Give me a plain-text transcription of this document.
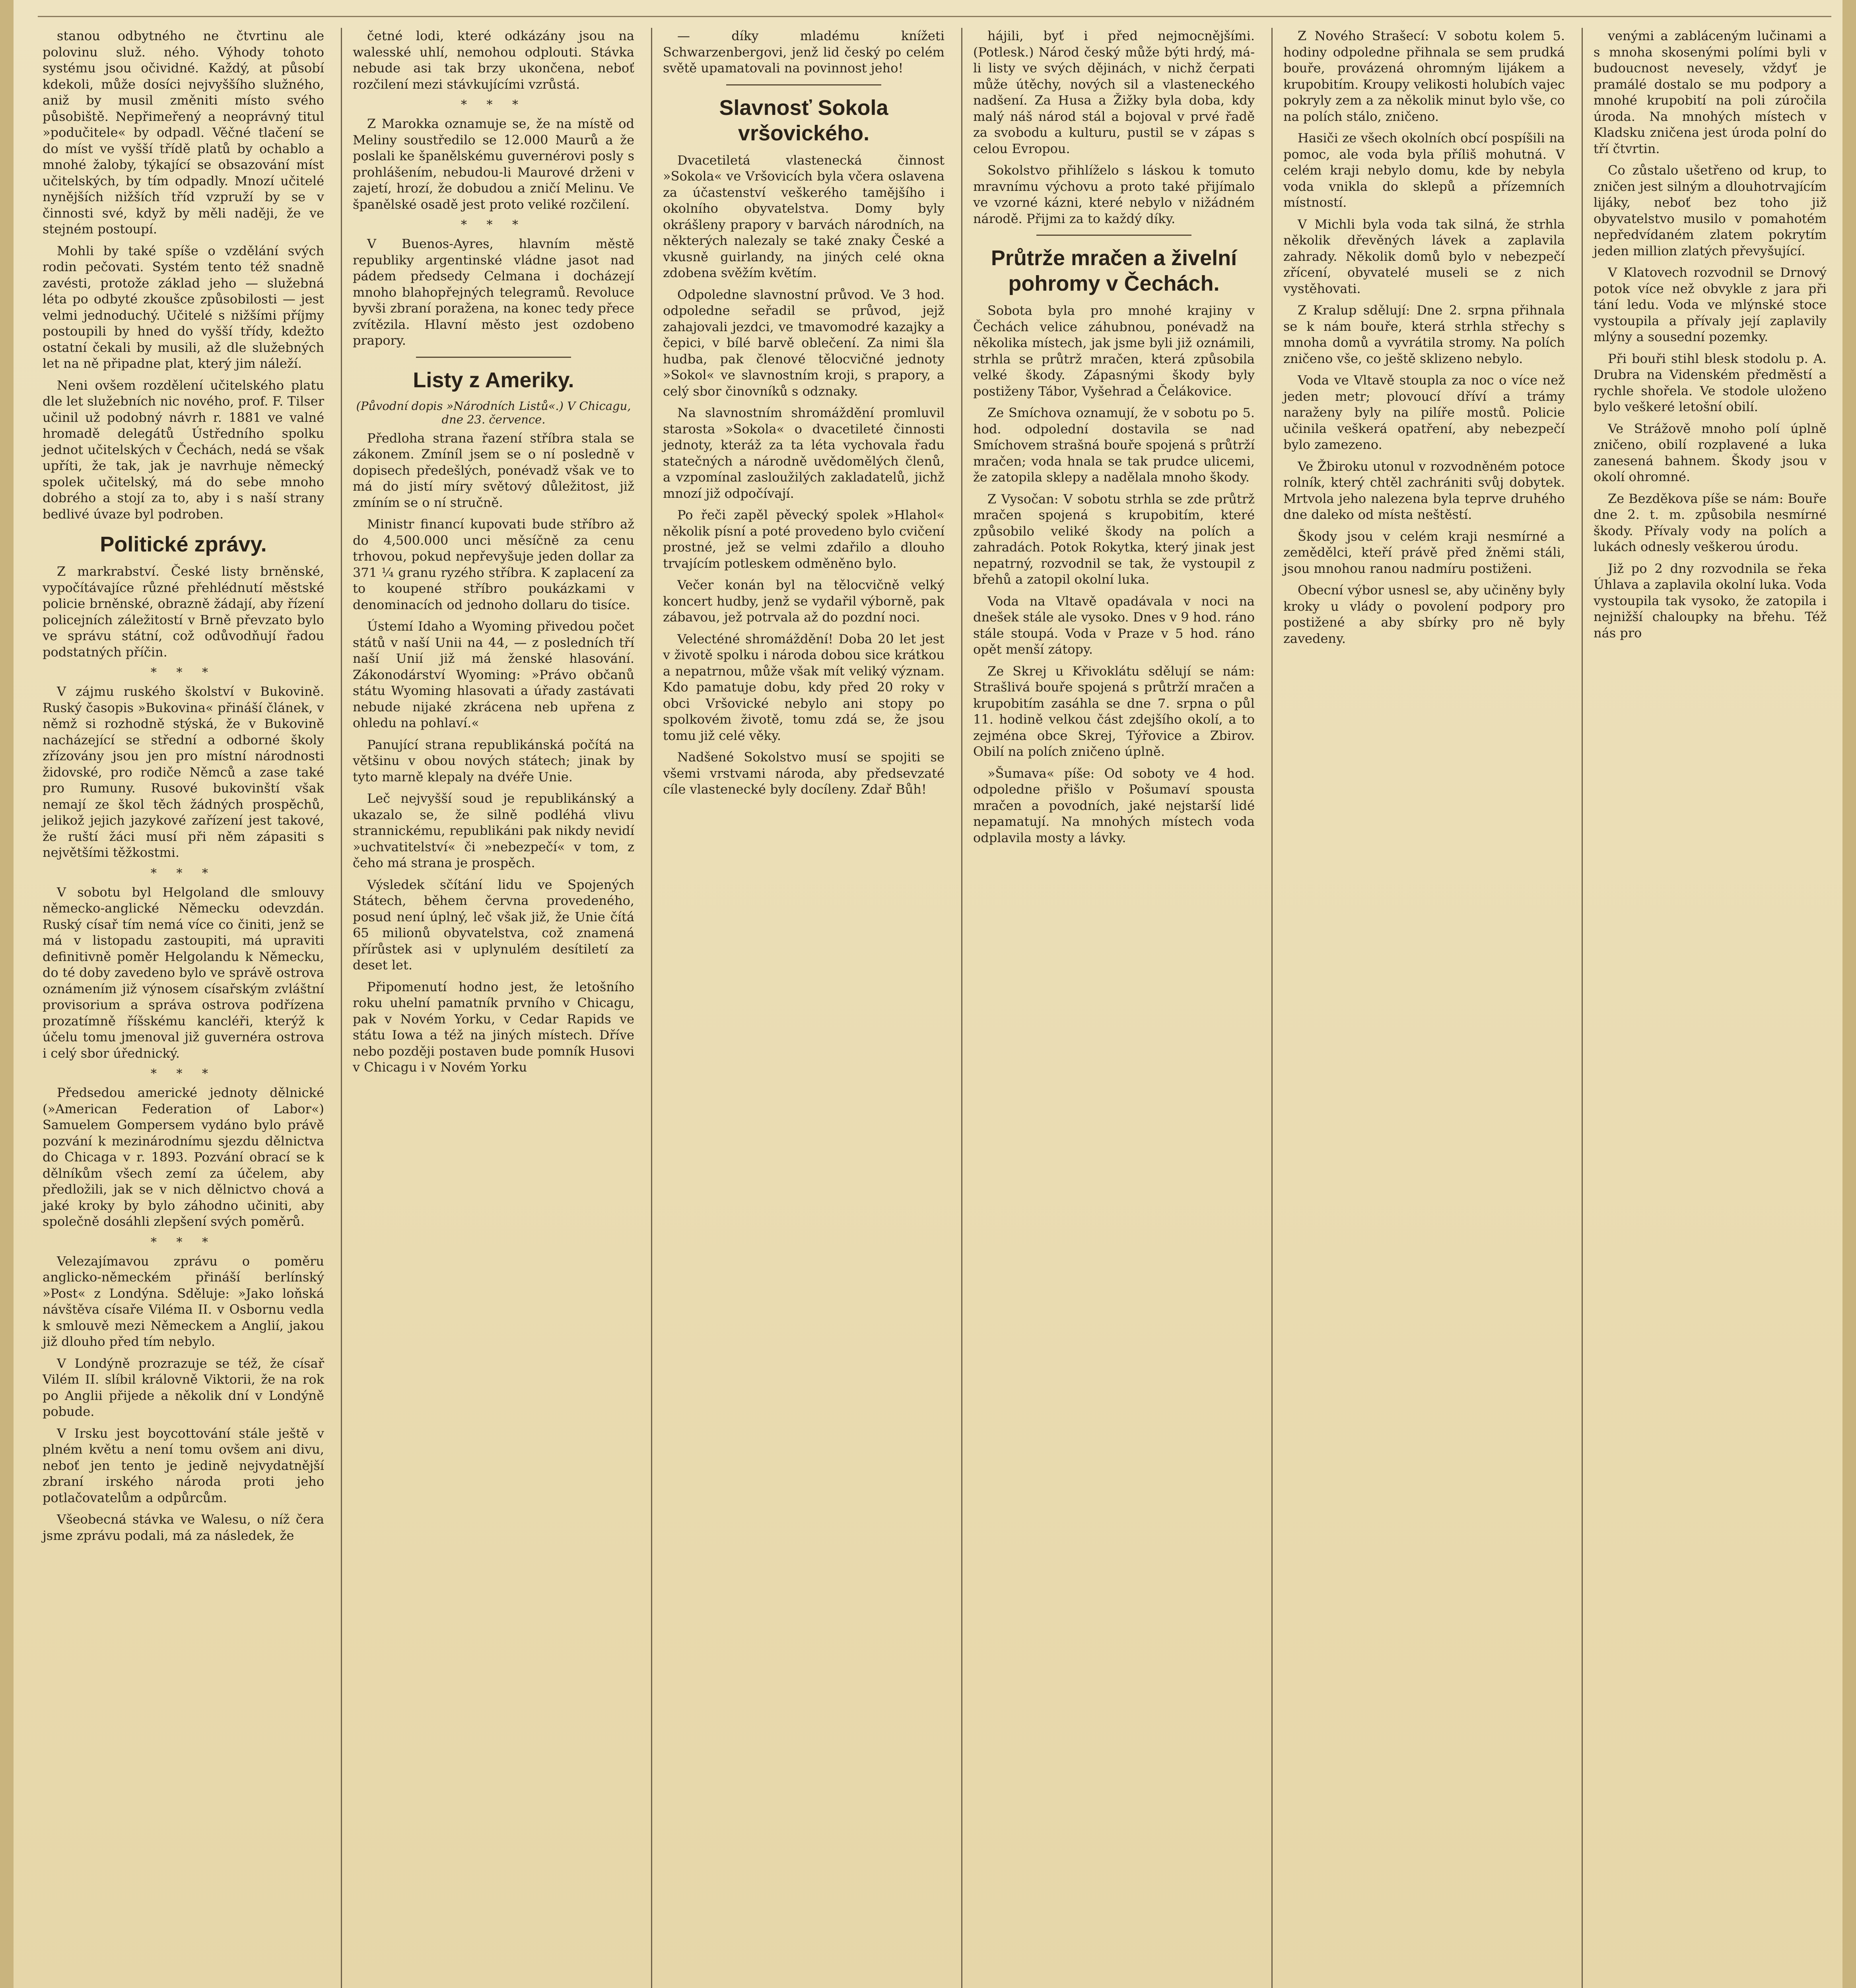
stanou odbytného ne čtvrtinu ale polovinu služ. ného. Výhody tohoto systému jsou očividné. Každý, at působí kdekoli, může dosíci nejvyššího služného, aniž by musil změniti místo svého působiště. Nepřimeřený a neoprávný titul »podučitele« by odpadl. Věčné tlačení se do míst ve vyšší třídě platů by ochablo a mnohé žaloby, týkající se obsazování míst učitelských, by tím odpadly. Mnozí učitelé nynějších nižších tříd vzpruží by se v činnosti své, když by měli naději, že ve stejném postoupí.

Mohli by také spíše o vzdělání svých rodin pečovati. Systém tento též snadně zavésti, protože základ jeho — služebná léta po odbyté zkoušce způsobilosti — jest velmi jednoduchý. Učitelé s nižšími příjmy postoupili by hned do vyšší třídy, kdežto ostatní čekali by musili, až dle služebných let na ně připadne plat, který jim náleží.

Neni ovšem rozdělení učitelského platu dle let služebních nic nového, prof. F. Tilser učinil už podobný návrh r. 1881 ve valné hromadě delegátů Ústředního spolku jednot učitelských v Čechách, nedá se však upříti, že tak, jak je navrhuje německý spolek učitelský, má do sebe mnoho dobrého a stojí za to, aby i s naší strany bedlivé úvaze byl podroben.

Politické zprávy.

Z markrabství. České listy brněnské, vypočítávajíce různé přehlédnutí městské policie brněnské, obrazně žádají, aby řízení policejních záležitostí v Brně převzato bylo ve správu státní, což odůvodňují řadou podstatných příčin.

* * *

V zájmu ruského školství v Bukovině. Ruský časopis »Bukovina« přináší článek, v němž si rozhodně stýská, že v Bukovině nacházející se střední a odborné školy zřízovány jsou jen pro místní národnosti židovské, pro rodiče Němců a zase také pro Rumuny. Rusové bukovinští však nemají ze škol těch žádných prospěchů, jelikož jejich jazykové zařízení jest takové, že ruští žáci musí při něm zápasiti s největšími těžkostmi.

* * *

V sobotu byl Helgoland dle smlouvy německo-anglické Německu odevzdán. Ruský císař tím nemá více co činiti, jenž se má v listopadu zastoupiti, má upraviti definitivně poměr Helgolandu k Německu, do té doby zavedeno bylo ve správě ostrova oznámením již výnosem císařským zvláštní provisorium a správa ostrova podřízena prozatímně říšskému kancléři, kterýž k účelu tomu jmenoval již guvernéra ostrova i celý sbor úřednický.

* * *

Předsedou americké jednoty dělnické (»American Federation of Labor«) Samuelem Gompersem vydáno bylo právě pozvání k mezinárodnímu sjezdu dělnictva do Chicaga v r. 1893. Pozvání obrací se k dělníkům všech zemí za účelem, aby předložili, jak se v nich dělnictvo chová a jaké kroky by bylo záhodno učiniti, aby společně dosáhli zlepšení svých poměrů.

* * *

Velezajímavou zprávu o poměru anglicko-německém přináší berlínský »Post« z Londýna. Sděluje: »Jako loňská návštěva císaře Viléma II. v Osbornu vedla k smlouvě mezi Německem a Anglií, jakou již dlouho před tím nebylo.

V Londýně prozrazuje se též, že císař Vilém II. slíbil královně Viktorii, že na rok po Anglii přijede a několik dní v Londýně pobude.

V Irsku jest boycottování stále ještě v plném květu a není tomu ovšem ani divu, neboť jen tento je jedině nejvydatnější zbraní irského národa proti jeho potlačovatelům a odpůrcům.

Všeobecná stávka ve Walesu, o níž čera jsme zprávu podali, má za následek, že

četné lodi, které odkázány jsou na walesské uhlí, nemohou odplouti. Stávka nebude asi tak brzy ukončena, neboť rozčilení mezi stávkujícími vzrůstá.

* * *

Z Marokka oznamuje se, že na místě od Meliny soustředilo se 12.000 Maurů a že poslali ke španělskému guvernérovi posly s prohlášením, nebudou-li Maurové drženi v zajetí, hrozí, že dobudou a zničí Melinu. Ve španělské osadě jest proto veliké rozčilení.

* * *

V Buenos-Ayres, hlavním městě republiky argentinské vládne jasot nad pádem předsedy Celmana i docházejí mnoho blahopřejných telegramů. Revoluce byvši zbraní poražena, na konec tedy přece zvítězila. Hlavní město jest ozdobeno prapory.

Listy z Ameriky.
(Původní dopis »Národních Listů«.) V Chicagu, dne 23. července.

Předloha strana řazení stříbra stala se zákonem. Zmíníl jsem se o ní posledně v dopisech předešlých, ponévadž však ve to má do jistí míry světový důležitost, již zmíním se o ní stručně.

Ministr financí kupovati bude stříbro až do 4,500.000 unci měsíčně za cenu trhovou, pokud nepřevyšuje jeden dollar za 371 ¼ granu ryzého stříbra. K zaplacení za to koupené stříbro poukázkami v denominacích od jednoho dollaru do tisíce.

Ústemí Idaho a Wyoming přivedou počet států v naší Unii na 44, — z posledních tří naší Unií již má ženské hlasování. Zákonodárství Wyoming: »Právo občanů státu Wyoming hlasovati a úřady zastávati nebude nijaké zkrácena neb upřena z ohledu na pohlaví.«

Panující strana republikánská počítá na většinu v obou nových státech; jinak by tyto marně klepaly na dvéře Unie.

Leč nejvyšší soud je republikánský a ukazalo se, že silně podléhá vlivu strannickému, republikáni pak nikdy nevidí »uchvatitelství« či »nebezpečí« v tom, z čeho má strana je prospěch.

Výsledek sčítání lidu ve Spojených Státech, během června provedeného, posud není úplný, leč však již, že Unie čítá 65 milionů obyvatelstva, což znamená přírůstek asi v uplynulém desítiletí za deset let.

Připomenutí hodno jest, že letošního roku uhelní pamatník prvního v Chicagu, pak v Novém Yorku, v Cedar Rapids ve státu Iowa a též na jiných místech. Dříve nebo později postaven bude pomník Husovi v Chicagu i v Novém Yorku

— díky mladému knížeti Schwarzenbergovi, jenž lid český po celém světě upamatovali na povinnost jeho!

Slavnosť Sokola vršovického.

Dvacetiletá vlastenecká činnost »Sokola« ve Vršovicích byla včera oslavena za účastenství veškerého tamějšího i okolního obyvatelstva. Domy byly okrášleny prapory v barvách národních, na některých nalezaly se také znaky České a vkusně guirlandy, na jiných celé okna zdobena svěžím květím.

Odpoledne slavnostní průvod. Ve 3 hod. odpoledne seřadil se průvod, jejž zahajovali jezdci, ve tmavomodré kazajky a čepici, v bílé barvě oblečení. Za nimi šla hudba, pak členové tělocvičné jednoty »Sokol« ve slavnostním kroji, s prapory, a celý sbor činovníků s odznaky.

Na slavnostním shromáždění promluvil starosta »Sokola« o dvacetileté činnosti jednoty, kteráž za ta léta vychovala řadu statečných a národně uvědomělých členů, a vzpomínal zasloužilých zakladatelů, jichž mnozí již odpočívají.

Po řeči zapěl pěvecký spolek »Hlahol« několik písní a poté provedeno bylo cvičení prostné, jež se velmi zdařilo a dlouho trvajícím potleskem odměněno bylo.

Večer konán byl na tělocvičně velký koncert hudby, jenž se vydařil výborně, pak zábavou, jež potrvala až do pozdní noci.

Velecténé shromáždění! Doba 20 let jest v životě spolku i národa dobou sice krátkou a nepatrnou, může však mít veliký význam. Kdo pamatuje dobu, kdy před 20 roky v obci Vršovické nebylo ani stopy po spolkovém životě, tomu zdá se, že jsou tomu již celé věky.

Nadšené Sokolstvo musí se spojiti se všemi vrstvami národa, aby předsevzaté cíle vlastenecké byly docíleny. Zdař Bůh!

hájili, byť i před nejmocnějšími. (Potlesk.) Národ český může býti hrdý, má-li listy ve svých dějinách, v nichž čerpati může útěchy, nových sil a vlasteneckého nadšení. Za Husa a Žižky byla doba, kdy malý náš národ stál a bojoval v prvé řadě za svobodu a kulturu, pustil se v zápas s celou Evropou.

Sokolstvo přihlíželo s láskou k tomuto mravnímu výchovu a proto také přijímalo ve vzorné kázni, které nebylo v nižádném národě. Přijmi za to každý díky.

Průtrže mračen a živelní pohromy v Čechách.

Sobota byla pro mnohé krajiny v Čechách velice záhubnou, ponévadž na několika místech, jak jsme byli již oznámili, strhla se průtrž mračen, která způsobila velké škody. Zápasnými škody byly postiženy Tábor, Vyšehrad a Čelákovice.

Ze Smíchova oznamují, že v sobotu po 5. hod. odpolední dostavila se nad Smíchovem strašná bouře spojená s průtrží mračen; voda hnala se tak prudce ulicemi, že zatopila sklepy a nadělala mnoho škody.

Z Vysočan: V sobotu strhla se zde průtrž mračen spojená s krupobitím, které způsobilo veliké škody na polích a zahradách. Potok Rokytka, který jinak jest nepatrný, rozvodnil se tak, že vystoupil z břehů a zatopil okolní luka.

Voda na Vltavě opadávala v noci na dnešek stále ale vysoko. Dnes v 9 hod. ráno stále stoupá. Voda v Praze v 5 hod. ráno opět menší zátopy.

Ze Skrej u Křivoklátu sdělují se nám: Strašlivá bouře spojená s průtrží mračen a krupobitím zasáhla se dne 7. srpna o půl 11. hodině velkou část zdejšího okolí, a to zejména obce Skrej, Týřovice a Zbirov. Obilí na polích zničeno úplně.

»Šumava« píše: Od soboty ve 4 hod. odpoledne přišlo v Pošumaví spousta mračen a povodních, jaké nejstarší lidé nepamatují. Na mnohých místech voda odplavila mosty a lávky.

Z Nového Strašecí: V sobotu kolem 5. hodiny odpoledne přihnala se sem prudká bouře, provázená ohromným lijákem a krupobitím. Kroupy velikosti holubích vajec pokryly zem a za několik minut bylo vše, co na polích stálo, zničeno.

Hasiči ze všech okolních obcí pospíšili na pomoc, ale voda byla příliš mohutná. V celém kraji nebylo domu, kde by nebyla voda vnikla do sklepů a přízemních místností.

V Michli byla voda tak silná, že strhla několik dřevěných lávek a zaplavila zahrady. Několik domů bylo v nebezpečí zřícení, obyvatelé museli se z nich vystěhovati.

Z Kralup sdělují: Dne 2. srpna přihnala se k nám bouře, která strhla střechy s mnoha domů a vyvrátila stromy. Na polích zničeno vše, co ještě sklizeno nebylo.

Voda ve Vltavě stoupla za noc o více než jeden metr; plovoucí dříví a trámy naraženy byly na pilíře mostů. Policie učinila veškerá opatření, aby nebezpečí bylo zamezeno.

Ve Žbiroku utonul v rozvodněném potoce rolník, který chtěl zachrániti svůj dobytek. Mrtvola jeho nalezena byla teprve druhého dne daleko od místa neštěstí.

Škody jsou v celém kraji nesmírné a zemědělci, kteří právě před žněmi stáli, jsou mnohou ranou nadmíru postiženi.

Obecní výbor usnesl se, aby učiněny byly kroky u vlády o povolení podpory pro postižené a aby sbírky pro ně byly zavedeny.

venými a zabláceným lučinami a s mnoha skosenými polími byli v budoucnost nevesely, vždyť je pramálé dostalo se mu podpory a mnohé krupobití na poli zúročila úroda. Na mnohých místech v Kladsku zničena jest úroda polní do tří čtvrtin.

Co zůstalo ušetřeno od krup, to zničen jest silným a dlouhotrvajícím lijáky, neboť bez toho již obyvatelstvo musilo v pomahotém nepředvídaném zlatem pokrytím jeden million zlatých převyšující.

V Klatovech rozvodnil se Drnový potok více než obvykle z jara při tání ledu. Voda ve mlýnské stoce vystoupila a přívaly její zaplavily mlýny a sousední pozemky.

Při bouři stihl blesk stodolu p. A. Drubra na Videnském předměstí a rychle shořela. Ve stodole uloženo bylo veškeré letošní obilí.

Ve Strážově mnoho polí úplně zničeno, obilí rozplavené a luka zanesená bahnem. Škody jsou v okolí ohromné.

Ze Bezděkova píše se nám: Bouře dne 2. t. m. způsobila nesmírné škody. Přívaly vody na polích a lukách odnesly veškerou úrodu.

Již po 2 dny rozvodnila se řeka Úhlava a zaplavila okolní luka. Voda vystoupila tak vysoko, že zatopila i nejnižší chaloupky na břehu. Též nás pro
